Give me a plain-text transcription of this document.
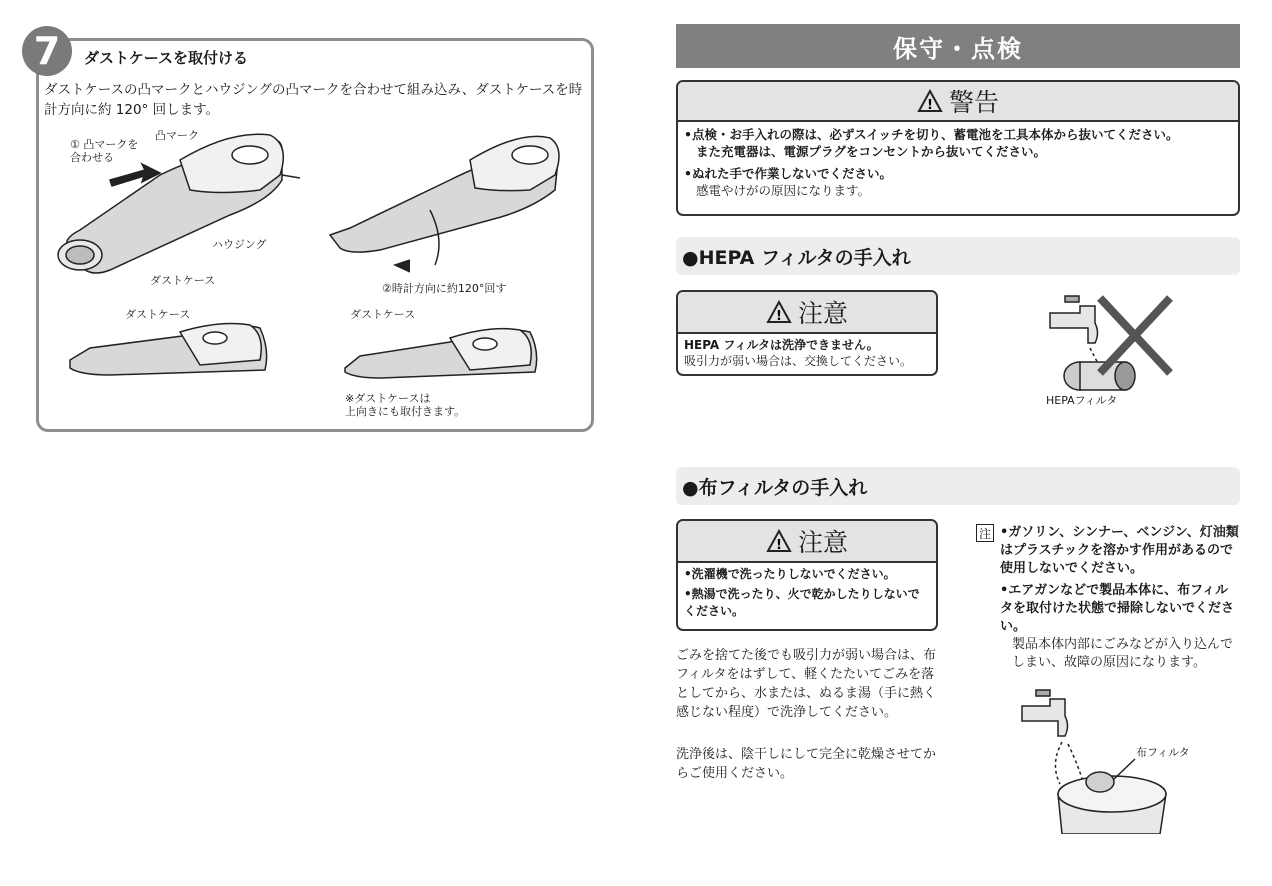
7	ダストケースを取付ける
ダストケースの凸マークとハウジングの凸マークを合わせて組み込み、ダストケースを時計方向に約 120° 回します。
① 凸マークを
合わせる
凸マーク
ハウジング
ダストケース
②時計方向に約120°回す
ダストケース	ダストケース
※ダストケースは
上向きにも取付きます。
保守・点検
! 警告
•点検・お手入れの際は、必ずスイッチを切り、蓄電池を工具本体から抜いてください。
また充電器は、電源プラグをコンセントから抜いてください。
•ぬれた手で作業しないでください。
感電やけがの原因になります。
●HEPA フィルタの手入れ
! 注意
HEPA フィルタは洗浄できません。
吸引力が弱い場合は、交換してください。
HEPAフィルタ
●布フィルタの手入れ
! 注意
•洗濯機で洗ったりしないでください。
•熱湯で洗ったり、火で乾かしたりしないでください。
ごみを捨てた後でも吸引力が弱い場合は、布フィルタをはずして、軽くたたいてごみを落としてから、水または、ぬるま湯（手に熱く感じない程度）で洗浄してください。
洗浄後は、陰干しにして完全に乾燥させてからご使用ください。
注 •ガソリン、シンナー、ベンジン、灯油類はプラスチックを溶かす作用があるので使用しないでください。
•エアガンなどで製品本体に、布フィルタを取付けた状態で掃除しないでください。
製品本体内部にごみなどが入り込んでしまい、故障の原因になります。
布フィルタ
